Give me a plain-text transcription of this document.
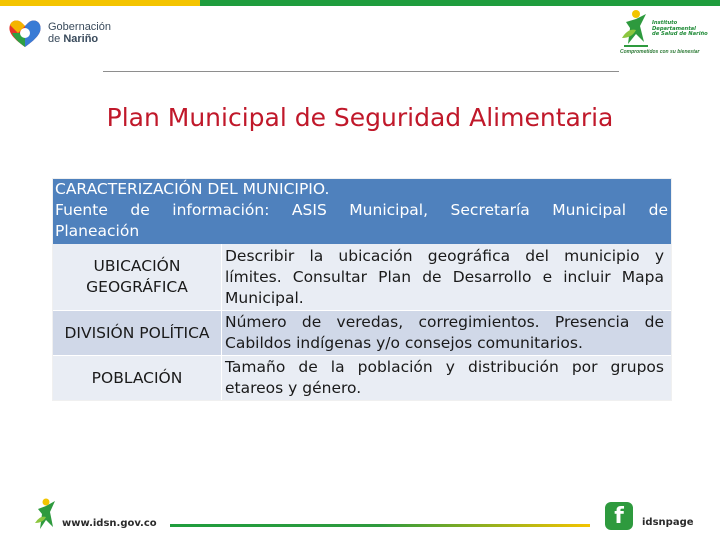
Gobernación
de Nariño
Instituto
Departamental
de Salud de Nariño
Comprometidos con su bienestar
Plan Municipal de Seguridad Alimentaria
CARACTERIZACIÓN DEL MUNICIPIO.
Fuente de información: ASIS Municipal, Secretaría Municipal de
Planeación
UBICACIÓN
GEOGRÁFICA
Describir la ubicación geográfica del municipio y límites. Consultar Plan de Desarrollo e incluir Mapa Municipal.
DIVISIÓN POLÍTICA
Número de veredas, corregimientos. Presencia de Cabildos indígenas y/o consejos comunitarios.
POBLACIÓN
Tamaño de la población y distribución por grupos etareos y género.
www.idsn.gov.co	f	idsnpage
